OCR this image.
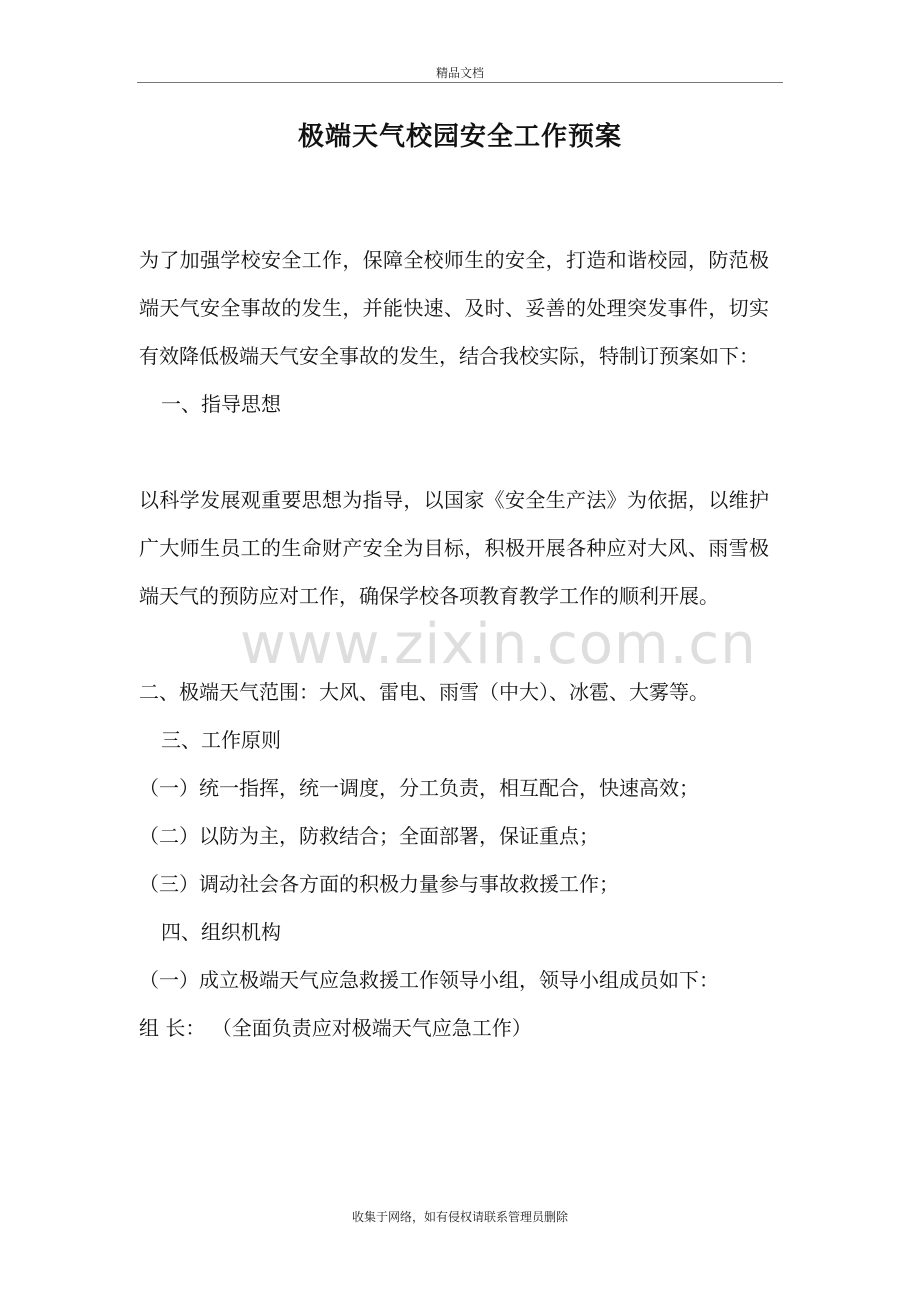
精品文档
极端天气校园安全工作预案

为了加强学校安全工作，保障全校师生的安全，打造和谐校园，防范极端天气安全事故的发生，并能快速、及时、妥善的处理突发事件，切实有效降低极端天气安全事故的发生，结合我校实际，特制订预案如下：

一、指导思想

以科学发展观重要思想为指导，以国家《安全生产法》为依据，以维护广大师生员工的生命财产安全为目标，积极开展各种应对大风、雨雪极端天气的预防应对工作，确保学校各项教育教学工作的顺利开展。

二、极端天气范围：大风、雷电、雨雪（中大）、冰雹、大雾等。

三、工作原则

（一）统一指挥，统一调度，分工负责，相互配合，快速高效；

（二）以防为主，防救结合；全面部署，保证重点；

（三）调动社会各方面的积极力量参与事故救援工作；

四、组织机构

（一）成立极端天气应急救援工作领导小组，领导小组成员如下：

组 长： （全面负责应对极端天气应急工作）

www.zixin.com.cn
收集于网络，如有侵权请联系管理员删除
